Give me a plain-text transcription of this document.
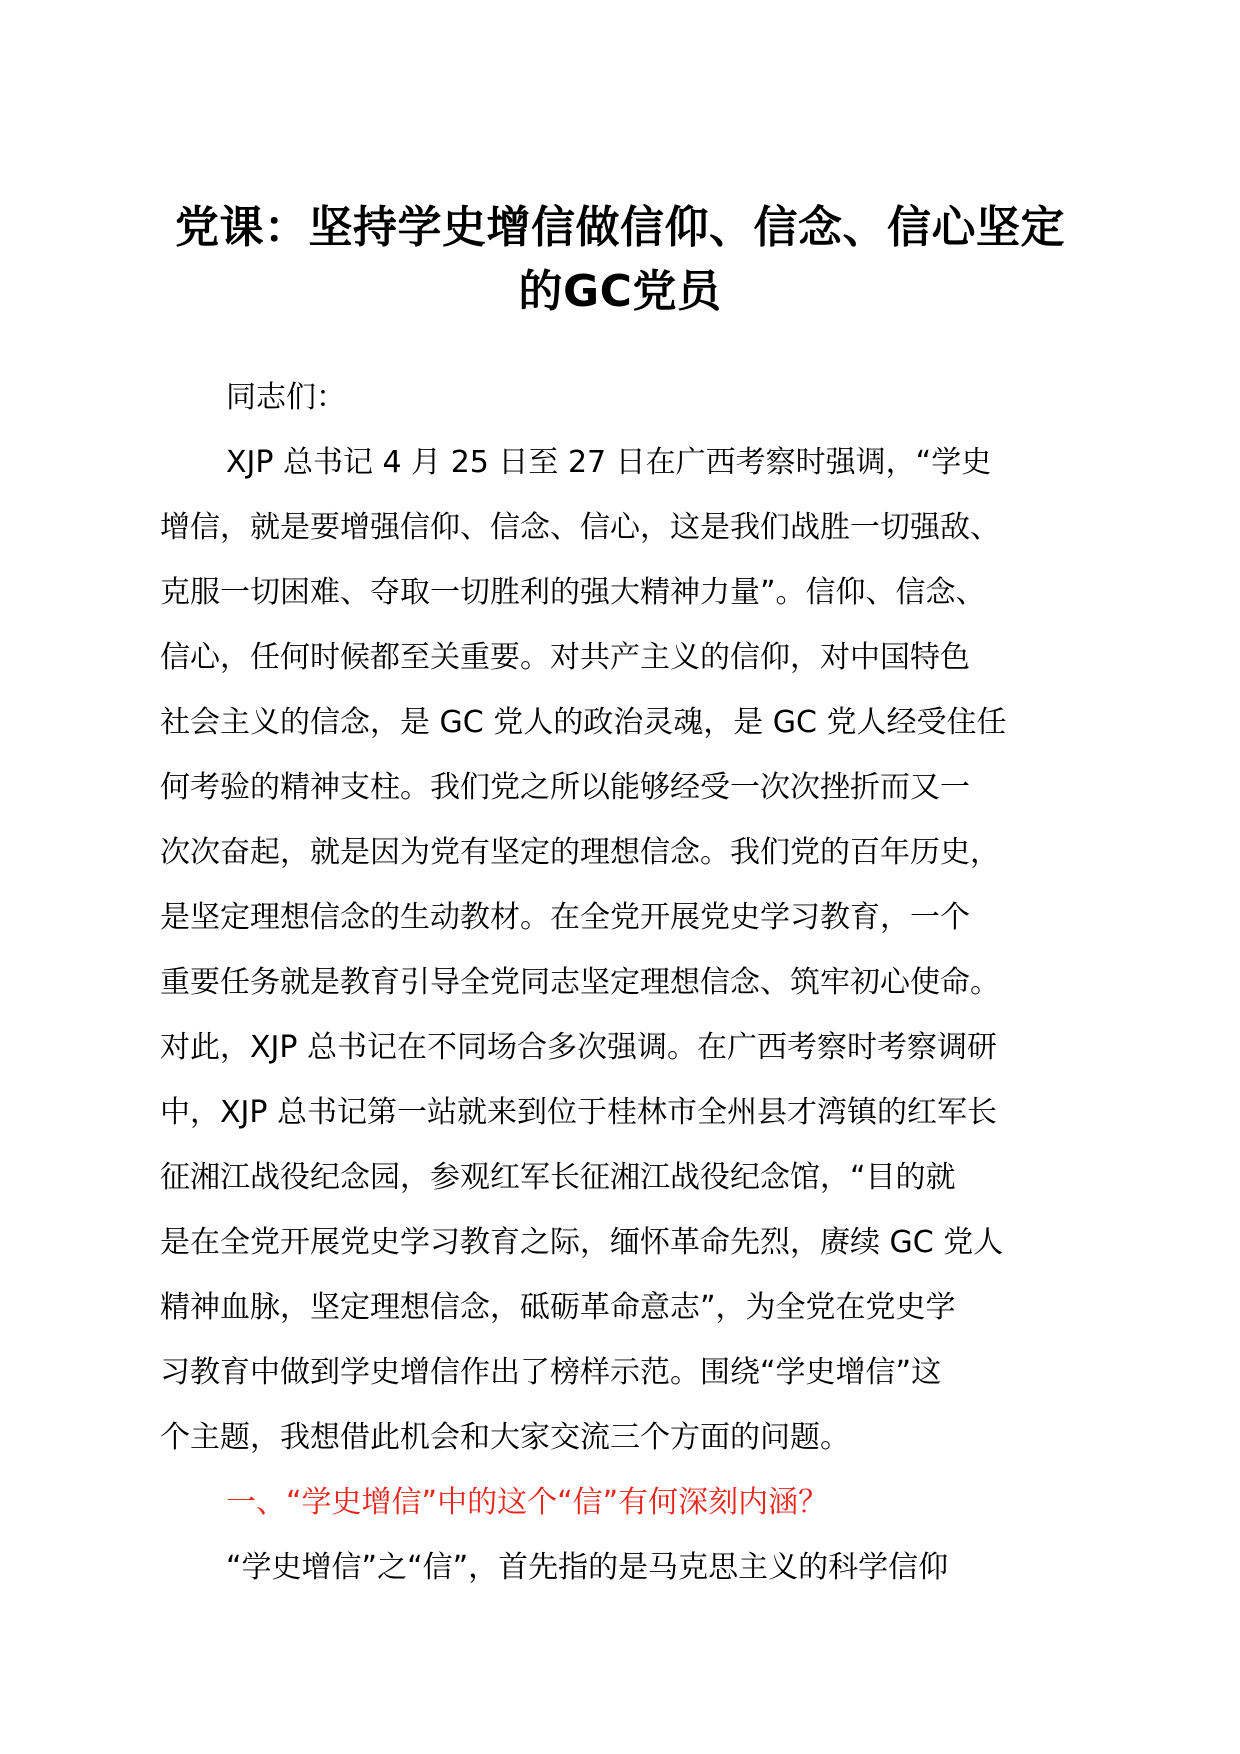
党课：坚持学史增信做信仰、信念、信心坚定
的GC党员
同志们：
XJP 总书记 4 月 25 日至 27 日在广西考察时强调，“学史
增信，就是要增强信仰、信念、信心，这是我们战胜一切强敌、
克服一切困难、夺取一切胜利的强大精神力量”。信仰、信念、
信心，任何时候都至关重要。对共产主义的信仰，对中国特色
社会主义的信念，是 GC 党人的政治灵魂，是 GC 党人经受住任
何考验的精神支柱。我们党之所以能够经受一次次挫折而又一
次次奋起，就是因为党有坚定的理想信念。我们党的百年历史，
是坚定理想信念的生动教材。在全党开展党史学习教育，一个
重要任务就是教育引导全党同志坚定理想信念、筑牢初心使命。
对此，XJP 总书记在不同场合多次强调。在广西考察时考察调研
中，XJP 总书记第一站就来到位于桂林市全州县才湾镇的红军长
征湘江战役纪念园，参观红军长征湘江战役纪念馆，“目的就
是在全党开展党史学习教育之际，缅怀革命先烈，赓续 GC 党人
精神血脉，坚定理想信念，砥砺革命意志”，为全党在党史学
习教育中做到学史增信作出了榜样示范。围绕“学史增信”这
个主题，我想借此机会和大家交流三个方面的问题。
一、“学史增信”中的这个“信”有何深刻内涵？
“学史增信”之“信”，首先指的是马克思主义的科学信仰
